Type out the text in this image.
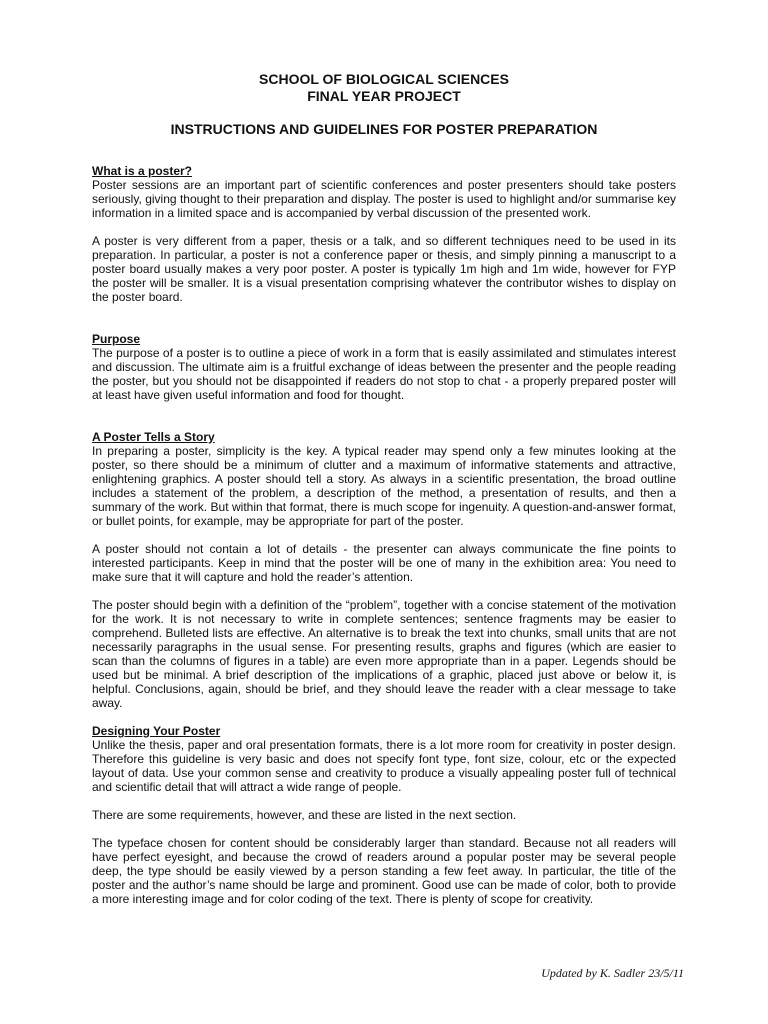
SCHOOL OF BIOLOGICAL SCIENCES

FINAL YEAR PROJECT

INSTRUCTIONS AND GUIDELINES FOR POSTER PREPARATION

What is a poster?

Poster sessions are an important part of scientific conferences and poster presenters should take posters seriously, giving thought to their preparation and display. The poster is used to highlight and/or summarise key information in a limited space and is accompanied by verbal discussion of the presented work.

A poster is very different from a paper, thesis or a talk, and so different techniques need to be used in its preparation. In particular, a poster is not a conference paper or thesis, and simply pinning a manuscript to a poster board usually makes a very poor poster. A poster is typically 1m high and 1m wide, however for FYP the poster will be smaller. It is a visual presentation comprising whatever the contributor wishes to display on the poster board.

Purpose

The purpose of a poster is to outline a piece of work in a form that is easily assimilated and stimulates interest and discussion. The ultimate aim is a fruitful exchange of ideas between the presenter and the people reading the poster, but you should not be disappointed if readers do not stop to chat - a properly prepared poster will at least have given useful information and food for thought.

A Poster Tells a Story

In preparing a poster, simplicity is the key. A typical reader may spend only a few minutes looking at the poster, so there should be a minimum of clutter and a maximum of informative statements and attractive, enlightening graphics. A poster should tell a story. As always in a scientific presentation, the broad outline includes a statement of the problem, a description of the method, a presentation of results, and then a summary of the work. But within that format, there is much scope for ingenuity. A question-and-answer format, or bullet points, for example, may be appropriate for part of the poster.

A poster should not contain a lot of details - the presenter can always communicate the fine points to interested participants. Keep in mind that the poster will be one of many in the exhibition area: You need to make sure that it will capture and hold the reader’s attention.

The poster should begin with a definition of the “problem”, together with a concise statement of the motivation for the work. It is not necessary to write in complete sentences; sentence fragments may be easier to comprehend. Bulleted lists are effective. An alternative is to break the text into chunks, small units that are not necessarily paragraphs in the usual sense. For presenting results, graphs and figures (which are easier to scan than the columns of figures in a table) are even more appropriate than in a paper. Legends should be used but be minimal. A brief description of the implications of a graphic, placed just above or below it, is helpful. Conclusions, again, should be brief, and they should leave the reader with a clear message to take away.

Designing Your Poster

Unlike the thesis, paper and oral presentation formats, there is a lot more room for creativity in poster design. Therefore this guideline is very basic and does not specify font type, font size, colour, etc or the expected layout of data. Use your common sense and creativity to produce a visually appealing poster full of technical and scientific detail that will attract a wide range of people.

There are some requirements, however, and these are listed in the next section.

The typeface chosen for content should be considerably larger than standard. Because not all readers will have perfect eyesight, and because the crowd of readers around a popular poster may be several people deep, the type should be easily viewed by a person standing a few feet away. In particular, the title of the poster and the author’s name should be large and prominent. Good use can be made of color, both to provide a more interesting image and for color coding of the text. There is plenty of scope for creativity.

Updated by K. Sadler 23/5/11
